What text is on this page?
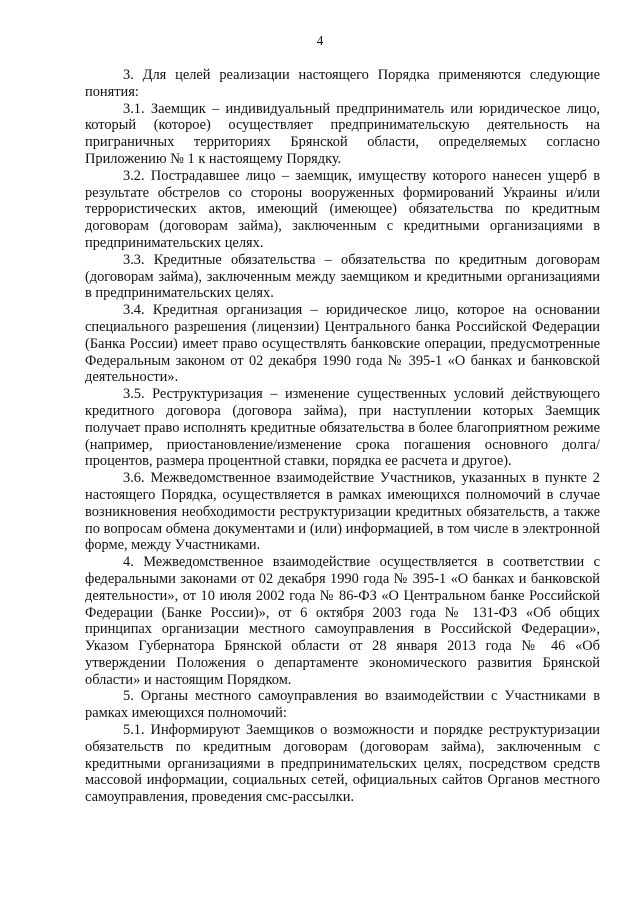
4

3. Для целей реализации настоящего Порядка применяются следующие понятия:

3.1. Заемщик – индивидуальный предприниматель или юридическое лицо, который (которое) осуществляет предпринимательскую деятельность на приграничных территориях Брянской области, определяемых согласно Приложению № 1 к настоящему Порядку.

3.2. Пострадавшее лицо – заемщик, имуществу которого нанесен ущерб в результате обстрелов со стороны вооруженных формирований Украины и/или террористических актов, имеющий (имеющее) обязательства по кредитным договорам (договорам займа), заключенным с кредитными организациями в предпринимательских целях.

3.3. Кредитные обязательства – обязательства по кредитным договорам (договорам займа), заключенным между заемщиком и кредитными организациями в предпринимательских целях.

3.4. Кредитная организация – юридическое лицо, которое на основании специального разрешения (лицензии) Центрального банка Российской Федерации (Банка России) имеет право осуществлять банковские операции, предусмотренные Федеральным законом от 02 декабря 1990 года № 395-1 «О банках и банковской деятельности».

3.5. Реструктуризация – изменение существенных условий действующего кредитного договора (договора займа), при наступлении которых Заемщик получает право исполнять кредитные обязательства в более благоприятном режиме (например, приостановление/изменение срока погашения основного долга/процентов, размера процентной ставки, порядка ее расчета и другое).

3.6. Межведомственное взаимодействие Участников, указанных в пункте 2 настоящего Порядка, осуществляется в рамках имеющихся полномочий в случае возникновения необходимости реструктуризации кредитных обязательств, а также по вопросам обмена документами и (или) информацией, в том числе в электронной форме, между Участниками.

4. Межведомственное взаимодействие осуществляется в соответствии с федеральными законами от 02 декабря 1990 года № 395-1 «О банках и банковской деятельности», от 10 июля 2002 года № 86-ФЗ «О Центральном банке Российской Федерации (Банке России)», от 6 октября 2003 года № 131-ФЗ «Об общих принципах организации местного самоуправления в Российской Федерации», Указом Губернатора Брянской области от 28 января 2013 года № 46 «Об утверждении Положения о департаменте экономического развития Брянской области» и настоящим Порядком.

5. Органы местного самоуправления во взаимодействии с Участниками в рамках имеющихся полномочий:

5.1. Информируют Заемщиков о возможности и порядке реструктуризации обязательств по кредитным договорам (договорам займа), заключенным с кредитными организациями в предпринимательских целях, посредством средств массовой информации, социальных сетей, официальных сайтов Органов местного самоуправления, проведения смс-рассылки.
